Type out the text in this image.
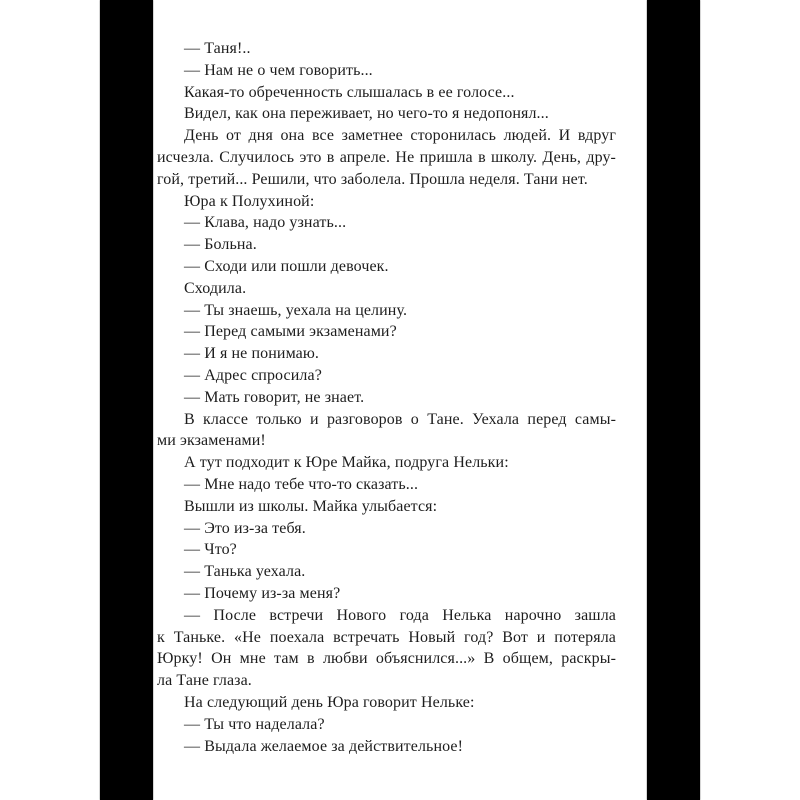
— Таня!..
— Нам не о чем говорить...
Какая-то обреченность слышалась в ее голосе...
Видел, как она переживает, но чего-то я недопонял...
День от дня она все заметнее сторонилась людей. И вдруг
исчезла. Случилось это в апреле. Не пришла в школу. День, дру-
гой, третий... Решили, что заболела. Прошла неделя. Тани нет.
Юра к Полухиной:
— Клава, надо узнать...
— Больна.
— Сходи или пошли девочек.
Сходила.
— Ты знаешь, уехала на целину.
— Перед самыми экзаменами?
— И я не понимаю.
— Адрес спросила?
— Мать говорит, не знает.
В классе только и разговоров о Тане. Уехала перед самы-
ми экзаменами!
А тут подходит к Юре Майка, подруга Нельки:
— Мне надо тебе что-то сказать...
Вышли из школы. Майка улыбается:
— Это из-за тебя.
— Что?
— Танька уехала.
— Почему из-за меня?
— После встречи Нового года Нелька нарочно зашла
к Таньке. «Не поехала встречать Новый год? Вот и потеряла
Юрку! Он мне там в любви объяснился...» В общем, раскры-
ла Тане глаза.
На следующий день Юра говорит Нельке:
— Ты что наделала?
— Выдала желаемое за действительное!
